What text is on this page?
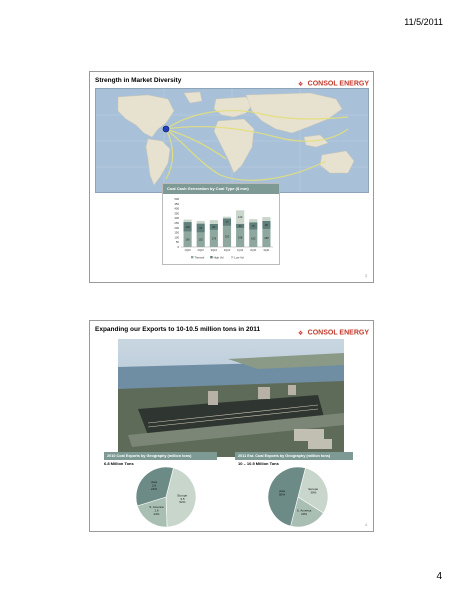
11/5/2011
Strength in Market Diversity
❖ CONSOL ENERGY
Coal Cash Generation by Coal Type ($ mm)
500
450
400
350
300
250
200
150
100
50
0
160
100
1Q10
152
92
2Q10
178
62
3Q10
220
77
4Q10
198
44
140
1Q11
182
76
2Q11
188
83
3Q11
Thermal	High Vol	Low Vol
3
Expanding our Exports to 10-10.5 million tons in 2011
❖ CONSOL ENERGY
2010 Coal Exports by Geography (million tons)	2011 Est. Coal Exports by Geography (million tons)
6.8 Million Tons	10 – 10.5 Million Tons
Europe
3.5
52%
S. America
1.6
24%
Asia
2.6
24%	Europe
30%
S. America
20%
Asia
50%
4
4
